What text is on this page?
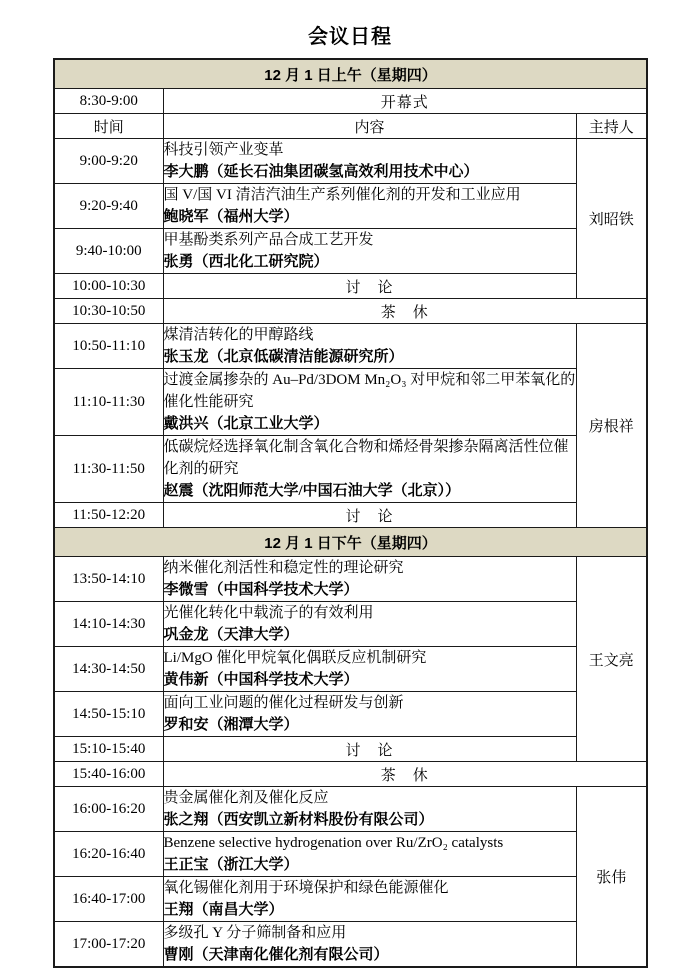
会议日程
12 月 1 日上午（星期四）		
8:30-9:00	开幕式	
时间	内容	主持人
9:00-9:20	科技引领产业变革
李大鹏（延长石油集团碳氢高效利用技术中心）	刘昭铁
9:20-9:40	国 V/国 VI 清洁汽油生产系列催化剂的开发和工业应用
鲍晓军（福州大学）	

9:40-10:00	甲基酚类系列产品合成工艺开发
张勇（西北化工研究院）	

10:00-10:30	讨　论	
10:30-10:50	茶　休	
10:50-11:10	煤清洁转化的甲醇路线
张玉龙（北京低碳清洁能源研究所）	房根祥
11:10-11:30	过渡金属掺杂的 Au–Pd/3DOM Mn₂O₃ 对甲烷和邻二甲苯氧化的催化性能研究
戴洪兴（北京工业大学）	

11:30-11:50	低碳烷烃选择氧化制含氧化合物和烯烃骨架掺杂隔离活性位催化剂的研究
赵震（沈阳师范大学/中国石油大学（北京））	

11:50-12:20	讨　论	
12 月 1 日下午（星期四）		
13:50-14:10	纳米催化剂活性和稳定性的理论研究
李微雪（中国科学技术大学）	王文亮
14:10-14:30	光催化转化中载流子的有效利用
巩金龙（天津大学）	

14:30-14:50	Li/MgO 催化甲烷氧化偶联反应机制研究
黄伟新（中国科学技术大学）	

14:50-15:10	面向工业问题的催化过程研发与创新
罗和安（湘潭大学）	

15:10-15:40	讨　论	
15:40-16:00	茶　休	
16:00-16:20	贵金属催化剂及催化反应
张之翔（西安凯立新材料股份有限公司）	张伟
16:20-16:40	Benzene selective hydrogenation over Ru/ZrO₂ catalysts
王正宝（浙江大学）	

16:40-17:00	氧化锡催化剂用于环境保护和绿色能源催化
王翔（南昌大学）	

17:00-17:20	多级孔 Y 分子筛制备和应用
曹刚（天津南化催化剂有限公司）	
